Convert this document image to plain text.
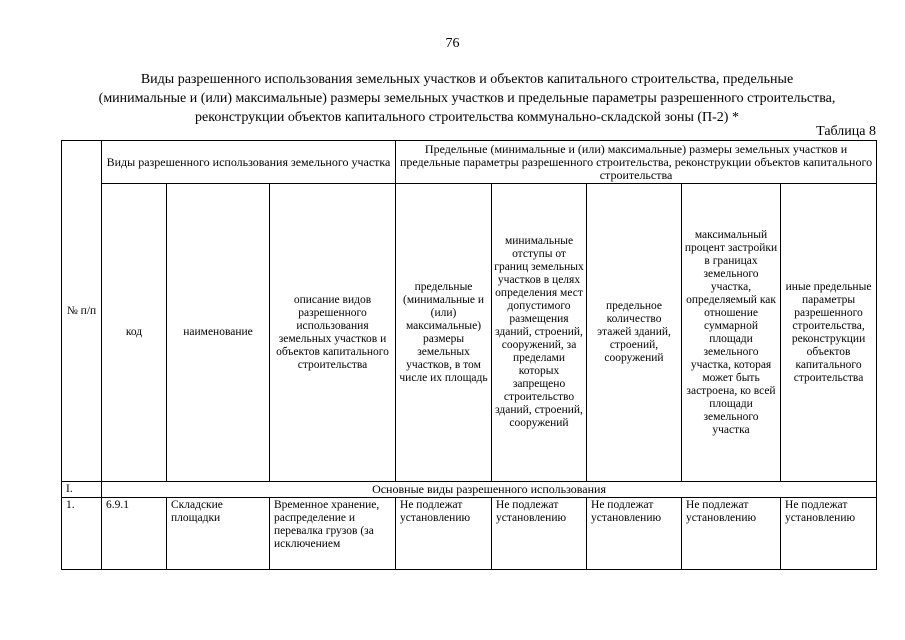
76
Виды разрешенного использования земельных участков и объектов капитального строительства, предельные
(минимальные и (или) максимальные) размеры земельных участков и предельные параметры разрешенного строительства,
реконструкции объектов капитального строительства коммунально-складской зоны (П-2) *
Таблица 8
№ п/п	Виды разрешенного использования земельного участка			Предельные (минимальные и (или) максимальные) размеры земельных участков и предельные параметры разрешенного строительства, реконструкции объектов капитального строительства				
	код	наименование	описание видов разрешенного использования земельных участков и объектов капитального строительства	предельные (минимальные и (или) максимальные) размеры земельных участков, в том числе их площадь	минимальные отступы от границ земельных участков в целях определения мест допустимого размещения зданий, строений, сооружений, за пределами которых запрещено строительство зданий, строений, сооружений	предельное количество этажей зданий, строений, сооружений	максимальный процент застройки в границах земельного участка, определяемый как отношение суммарной площади земельного участка, которая может быть застроена, ко всей площади земельного участка	иные предельные параметры разрешенного строительства, реконструкции объектов капитального строительства
I.	Основные виды разрешенного использования							
1.	6.9.1	Складские площадки	Временное хранение, распределение и перевалка грузов (за исключением	Не подлежат установлению	Не подлежат установлению	Не подлежат установлению	Не подлежат установлению	Не подлежат установлению
